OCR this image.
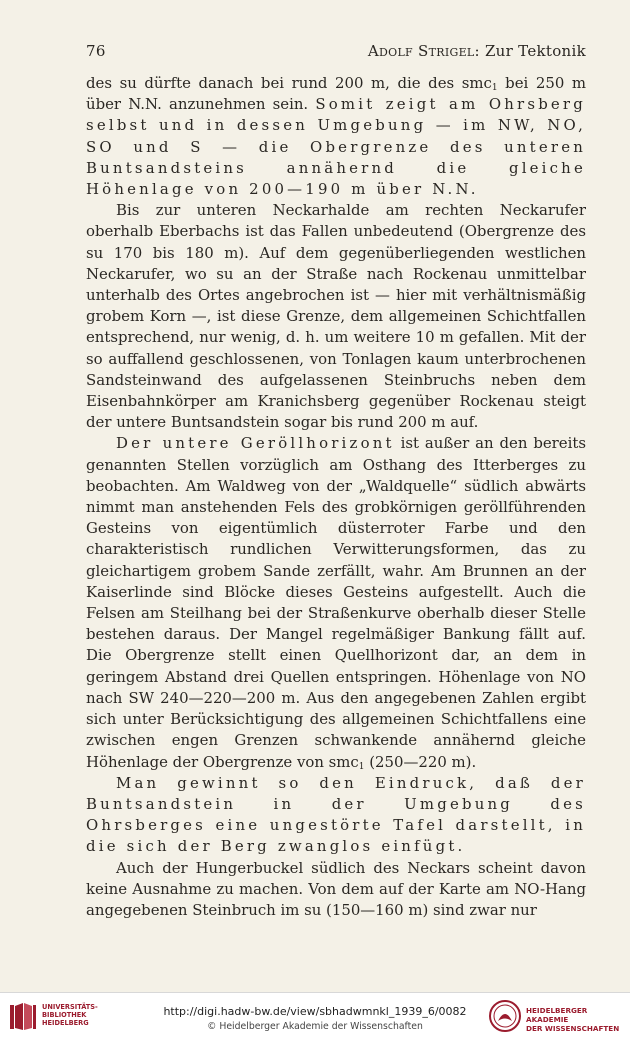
76	Adolf Strigel: Zur Tektonik

des su dürfte danach bei rund 200 m, die des smc$_1$ bei 250 m über N.N. anzunehmen sein. Somit zeigt am Ohrsberg selbst und in dessen Umgebung — im NW, NO, SO und S — die Obergrenze des unteren Buntsandsteins annähernd die gleiche Höhenlage von 200—190 m über N.N.

Bis zur unteren Neckarhalde am rechten Neckarufer oberhalb Eberbachs ist das Fallen unbedeutend (Obergrenze des su 170 bis 180 m). Auf dem gegenüberliegenden westlichen Neckarufer, wo su an der Straße nach Rockenau unmittelbar unterhalb des Ortes angebrochen ist — hier mit verhältnismäßig grobem Korn —, ist diese Grenze, dem allgemeinen Schichtfallen entsprechend, nur wenig, d. h. um weitere 10 m gefallen. Mit der so auffallend geschlossenen, von Tonlagen kaum unterbrochenen Sandsteinwand des aufgelassenen Steinbruchs neben dem Eisenbahnkörper am Kranichsberg gegenüber Rockenau steigt der untere Buntsandstein sogar bis rund 200 m auf.

Der untere Geröllhorizont ist außer an den bereits genannten Stellen vorzüglich am Osthang des Itterberges zu beobachten. Am Waldweg von der „Waldquelle“ südlich abwärts nimmt man anstehenden Fels des grobkörnigen geröllführenden Gesteins von eigentümlich düsterroter Farbe und den charakteristisch rundlichen Verwitterungsformen, das zu gleichartigem grobem Sande zerfällt, wahr. Am Brunnen an der Kaiserlinde sind Blöcke dieses Gesteins aufgestellt. Auch die Felsen am Steilhang bei der Straßenkurve oberhalb dieser Stelle bestehen daraus. Der Mangel regelmäßiger Bankung fällt auf. Die Obergrenze stellt einen Quellhorizont dar, an dem in geringem Abstand drei Quellen entspringen. Höhenlage von NO nach SW 240—220—200 m. Aus den angegebenen Zahlen ergibt sich unter Berücksichtigung des allgemeinen Schichtfallens eine zwischen engen Grenzen schwankende annähernd gleiche Höhenlage der Obergrenze von smc$_1$ (250—220 m).

Man gewinnt so den Eindruck, daß der Buntsandstein in der Umgebung des Ohrsberges eine ungestörte Tafel darstellt, in die sich der Berg zwanglos einfügt.

Auch der Hungerbuckel südlich des Neckars scheint davon keine Ausnahme zu machen. Von dem auf der Karte am NO-Hang angegebenen Steinbruch im su (150—160 m) sind zwar nur

UNIVERSITÄTS-
BIBLIOTHEK
HEIDELBERG
http://digi.hadw-bw.de/view/sbhadwmnkl_1939_6/0082
© Heidelberger Akademie der Wissenschaften
HEIDELBERGER AKADEMIE
DER WISSENSCHAFTEN
